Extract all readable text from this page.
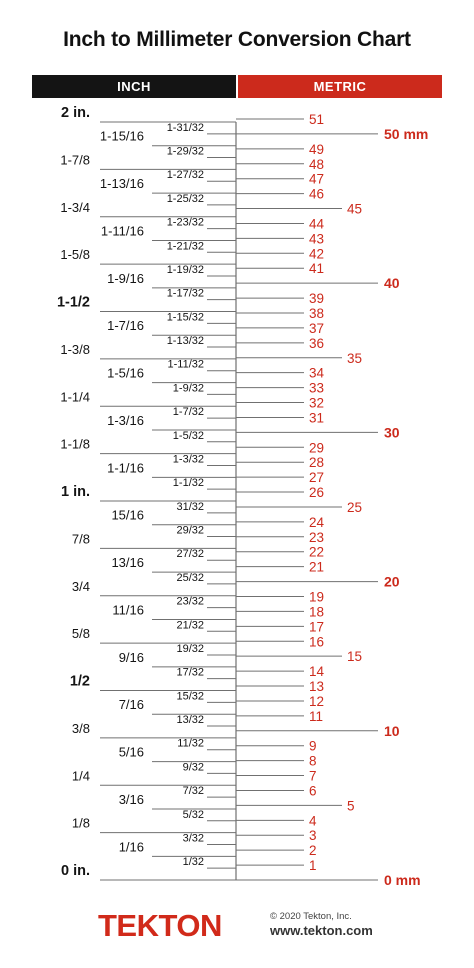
Inch to Millimeter Conversion Chart
INCH	METRIC
2 in.
1-31/32
1-15/16
1-29/32
1-7/8
1-27/32
1-13/16
1-25/32
1-3/4
1-23/32
1-11/16
1-21/32
1-5/8
1-19/32
1-9/16
1-17/32
1-1/2
1-15/32
1-7/16
1-13/32
1-3/8
1-11/32
1-5/16
1-9/32
1-1/4
1-7/32
1-3/16
1-5/32
1-1/8
1-3/32
1-1/16
1-1/32
1 in.
31/32
15/16
29/32
7/8
27/32
13/16
25/32
3/4
23/32
11/16
21/32
5/8
19/32
9/16
17/32
1/2
15/32
7/16
13/32
3/8
11/32
5/16
9/32
1/4
7/32
3/16
5/32
1/8
3/32
1/16
1/32
0 in.
0 mm
1
2
3
4
5
6
7
8
9
10
11
12
13
14
15
16
17
18
19
20
21
22
23
24
25
26
27
28
29
30
31
32
33
34
35
36
37
38
39
40
41
42
43
44
45
46
47
48
49
50 mm
51
TEKTON	© 2020 Tekton, Inc.
www.tekton.com
